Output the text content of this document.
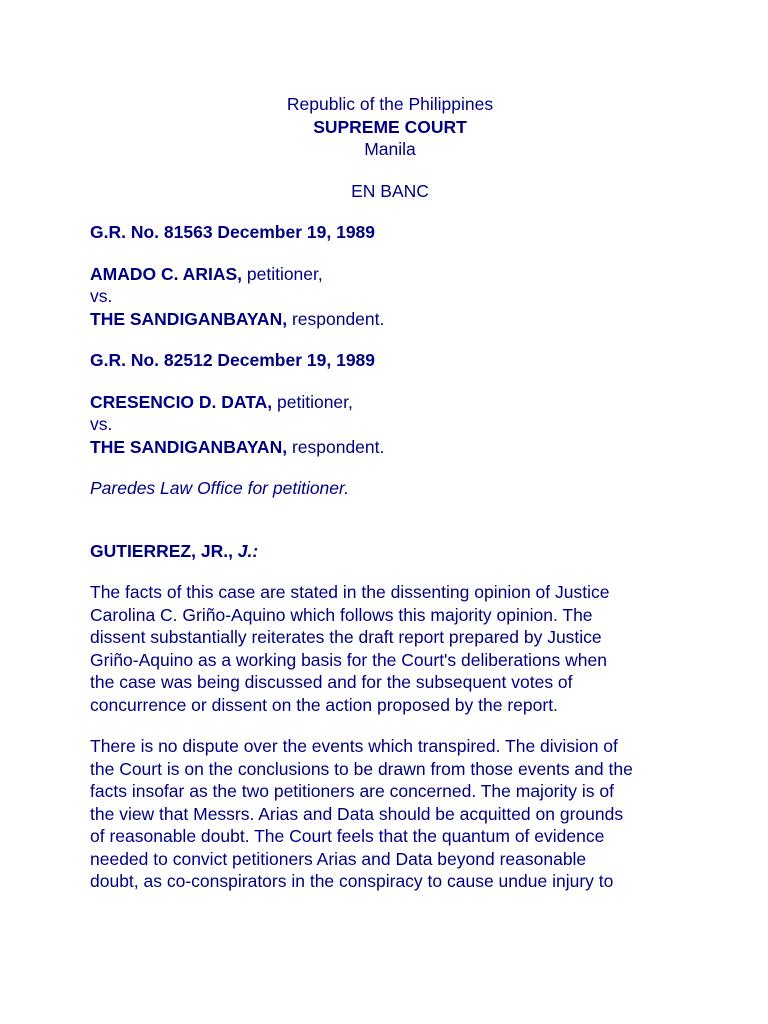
Republic of the Philippines
SUPREME COURT
Manila
EN BANC
G.R. No. 81563 December 19, 1989
AMADO C. ARIAS, petitioner,
vs.
THE SANDIGANBAYAN, respondent.
G.R. No. 82512 December 19, 1989
CRESENCIO D. DATA, petitioner,
vs.
THE SANDIGANBAYAN, respondent.
Paredes Law Office for petitioner.
GUTIERREZ, JR., J.:
The facts of this case are stated in the dissenting opinion of Justice
Carolina C. Griño-Aquino which follows this majority opinion. The
dissent substantially reiterates the draft report prepared by Justice
Griño-Aquino as a working basis for the Court's deliberations when
the case was being discussed and for the subsequent votes of
concurrence or dissent on the action proposed by the report.
There is no dispute over the events which transpired. The division of
the Court is on the conclusions to be drawn from those events and the
facts insofar as the two petitioners are concerned. The majority is of
the view that Messrs. Arias and Data should be acquitted on grounds
of reasonable doubt. The Court feels that the quantum of evidence
needed to convict petitioners Arias and Data beyond reasonable
doubt, as co-conspirators in the conspiracy to cause undue injury to
